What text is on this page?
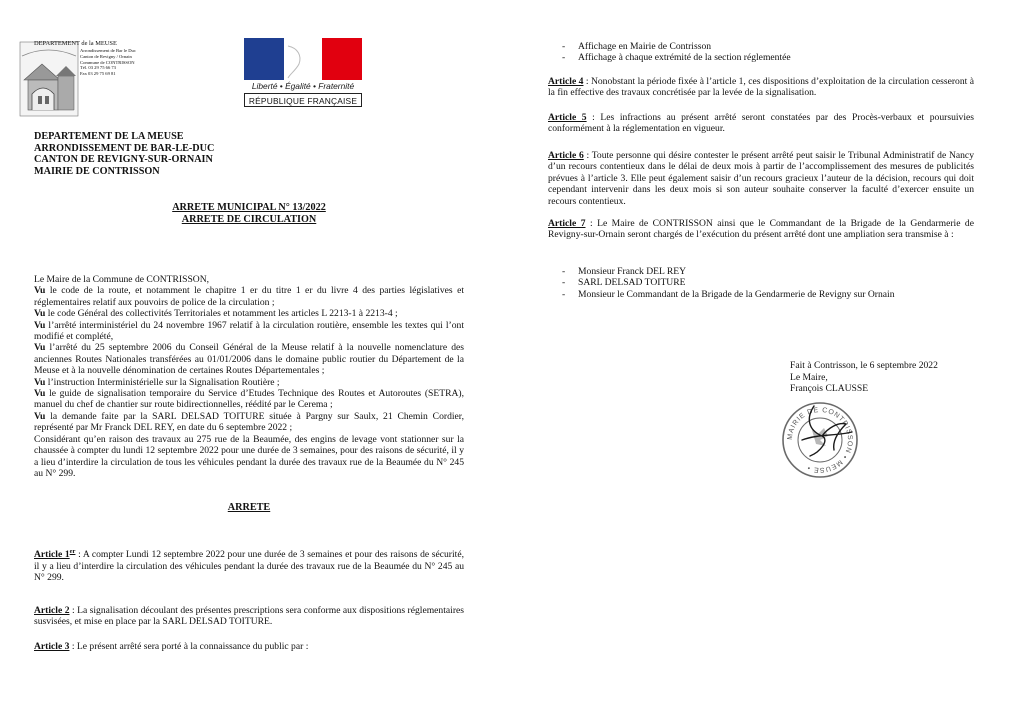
DEPARTEMENT de la MEUSE
Arrondissement de Bar le Duc
Canton de Revigny / Ornain
Commune de CONTRISSON
Tél. 03 29 75 66 73
Fax 03 29 75 69 81
Liberté • Égalité • Fraternité
RÉPUBLIQUE FRANÇAISE
DEPARTEMENT DE LA MEUSE
ARRONDISSEMENT DE BAR-LE-DUC
CANTON DE REVIGNY-SUR-ORNAIN
MAIRIE DE CONTRISSON
ARRETE MUNICIPAL N° 13/2022
ARRETE DE CIRCULATION

Le Maire de la Commune de CONTRISSON,

Vu le code de la route, et notamment le chapitre 1 er du titre 1 er du livre 4 des parties législatives et réglementaires relatif aux pouvoirs de police de la circulation ;

Vu le code Général des collectivités Territoriales et notamment les articles L 2213-1 à 2213-4 ;

Vu l’arrêté interministériel du 24 novembre 1967 relatif à la circulation routière, ensemble les textes qui l’ont modifié et complété,

Vu l’arrêté du 25 septembre 2006 du Conseil Général de la Meuse relatif à la nouvelle nomenclature des anciennes Routes Nationales transférées au 01/01/2006 dans le domaine public routier du Département de la Meuse et à la nouvelle dénomination de certaines Routes Départementales ;

Vu l’instruction Interministérielle sur la Signalisation Routière ;

Vu le guide de signalisation temporaire du Service d’Etudes Technique des Routes et Autoroutes (SETRA), manuel du chef de chantier sur route bidirectionnelles, réédité par le Cerema ;

Vu la demande faite par la SARL DELSAD TOITURE située à Pargny sur Saulx, 21 Chemin Cordier, représenté par Mr Franck DEL REY, en date du 6 septembre 2022 ;

Considérant qu’en raison des travaux au 275 rue de la Beaumée, des engins de levage vont stationner sur la chaussée à compter du lundi 12 septembre 2022 pour une durée de 3 semaines, pour des raisons de sécurité, il y a lieu d’interdire la circulation de tous les véhicules pendant la durée des travaux rue de la Beaumée du N° 245 au N° 299.

ARRETE

Article 1er : A compter Lundi 12 septembre 2022 pour une durée de 3 semaines et pour des raisons de sécurité, il y a lieu d’interdire la circulation des véhicules pendant la durée des travaux rue de la Beaumée du N° 245 au N° 299.

Article 2 : La signalisation découlant des présentes prescriptions sera conforme aux dispositions réglementaires susvisées, et mise en place par la SARL DELSAD TOITURE.

Article 3 : Le présent arrêté sera porté à la connaissance du public par :

- Affichage en Mairie de Contrisson
- Affichage à chaque extrémité de la section réglementée

Article 4 : Nonobstant la période fixée à l’article 1, ces dispositions d’exploitation de la circulation cesseront à la fin effective des travaux concrétisée par la levée de la signalisation.

Article 5 : Les infractions au présent arrêté seront constatées par des Procès-verbaux et poursuivies conformément à la réglementation en vigueur.

Article 6 : Toute personne qui désire contester le présent arrêté peut saisir le Tribunal Administratif de Nancy d’un recours contentieux dans le délai de deux mois à partir de l’accomplissement des mesures de publicités prévues à l’article 3. Elle peut également saisir d’un recours gracieux l’auteur de la décision, recours qui doit cependant intervenir dans les deux mois si son auteur souhaite conserver la faculté d’exercer ensuite un recours contentieux.

Article 7 : Le Maire de CONTRISSON ainsi que le Commandant de la Brigade de la Gendarmerie de Revigny-sur-Ornain seront chargés de l’exécution du présent arrêté dont une ampliation sera transmise à :

- Monsieur Franck DEL REY
- SARL DELSAD TOITURE
- Monsieur le Commandant de la Brigade de la Gendarmerie de Revigny sur Ornain
Fait à Contrisson, le 6 septembre 2022
Le Maire,
François CLAUSSE
MAIRIE DE CONTRISSON • MEUSE •
